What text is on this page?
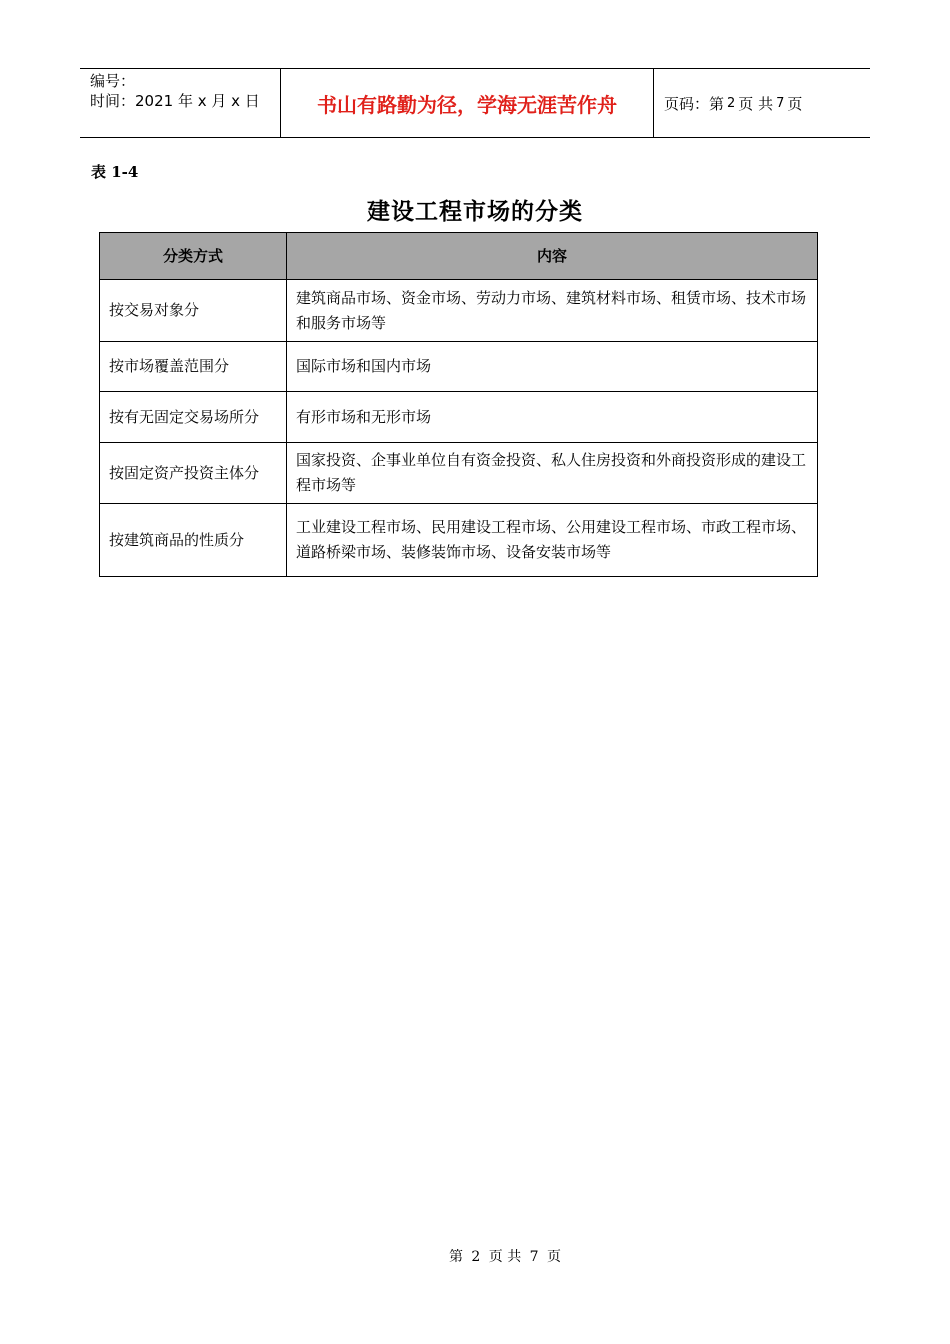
编号：
时间：2021 年 x 月 x 日	书山有路勤为径，学海无涯苦作舟	页码：第 2 页 共 7 页
表 1-4
建设工程市场的分类
分类方式	内容
按交易对象分	建筑商品市场、资金市场、劳动力市场、建筑材料市场、租赁市场、技术市场和服务市场等
按市场覆盖范围分	国际市场和国内市场
按有无固定交易场所分	有形市场和无形市场
按固定资产投资主体分	国家投资、企事业单位自有资金投资、私人住房投资和外商投资形成的建设工程市场等
按建筑商品的性质分	工业建设工程市场、民用建设工程市场、公用建设工程市场、市政工程市场、道路桥梁市场、装修装饰市场、设备安装市场等
第 2 页 共 7 页
